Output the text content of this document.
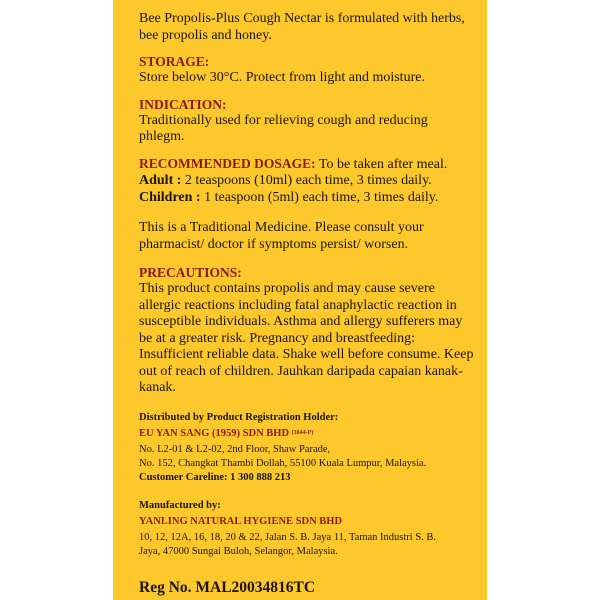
Bee Propolis-Plus Cough Nectar is formulated with herbs, bee propolis and honey.

STORAGE:

Store below 30°C. Protect from light and moisture.

INDICATION:

Traditionally used for relieving cough and reducing phlegm.

RECOMMENDED DOSAGE: To be taken after meal.

Adult : 2 teaspoons (10ml) each time, 3 times daily.

Children : 1 teaspoon (5ml) each time, 3 times daily.

This is a Traditional Medicine. Please consult your pharmacist/ doctor if symptoms persist/ worsen.

PRECAUTIONS:

This product contains propolis and may cause severe allergic reactions including fatal anaphylactic reaction in susceptible individuals. Asthma and allergy sufferers may be at a greater risk. Pregnancy and breastfeeding: Insufficient reliable data. Shake well before consume. Keep out of reach of children. Jauhkan daripada capaian kanak-kanak.

Distributed by Product Registration Holder:

EU YAN SANG (1959) SDN BHD (3844-P)

No. L2-01 & L2-02, 2nd Floor, Shaw Parade,

No. 152, Changkat Thambi Dollah, 55100 Kuala Lumpur, Malaysia.

Customer Careline: 1 300 888 213

Manufactured by:

YANLING NATURAL HYGIENE SDN BHD

10, 12, 12A, 16, 18, 20 & 22, Jalan S. B. Jaya 11, Taman Industri S. B.

Jaya, 47000 Sungai Buloh, Selangor, Malaysia.

Reg No. MAL20034816TC
